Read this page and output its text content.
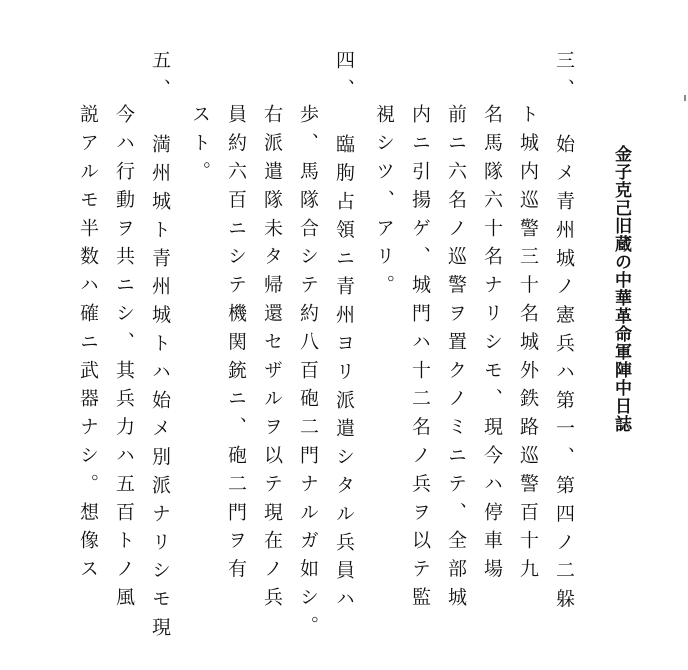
金子克己旧蔵の中華革命軍陣中日誌
三、
始メ青州城ノ憲兵ハ第一、第四ノ二躲
ト城内巡警三十名城外鉄路巡警百十九
名馬隊六十名ナリシモ、現今ハ停車場
前ニ六名ノ巡警ヲ置クノミニテ、全部城
内ニ引揚ゲ、城門ハ十二名ノ兵ヲ以テ監
視シツ、アリ。
四、
臨朐占領ニ青州ヨリ派遣シタル兵員ハ
歩、馬隊合シテ約八百砲二門ナルガ如シ。
右派遣隊未タ帰還セザルヲ以テ現在ノ兵
員約六百ニシテ機関銃ニ、砲二門ヲ有
スト。
五、
満州城ト青州城トハ始メ別派ナリシモ現
今ハ行動ヲ共ニシ、其兵力ハ五百トノ風
説アルモ半数ハ確ニ武器ナシ。想像ス
